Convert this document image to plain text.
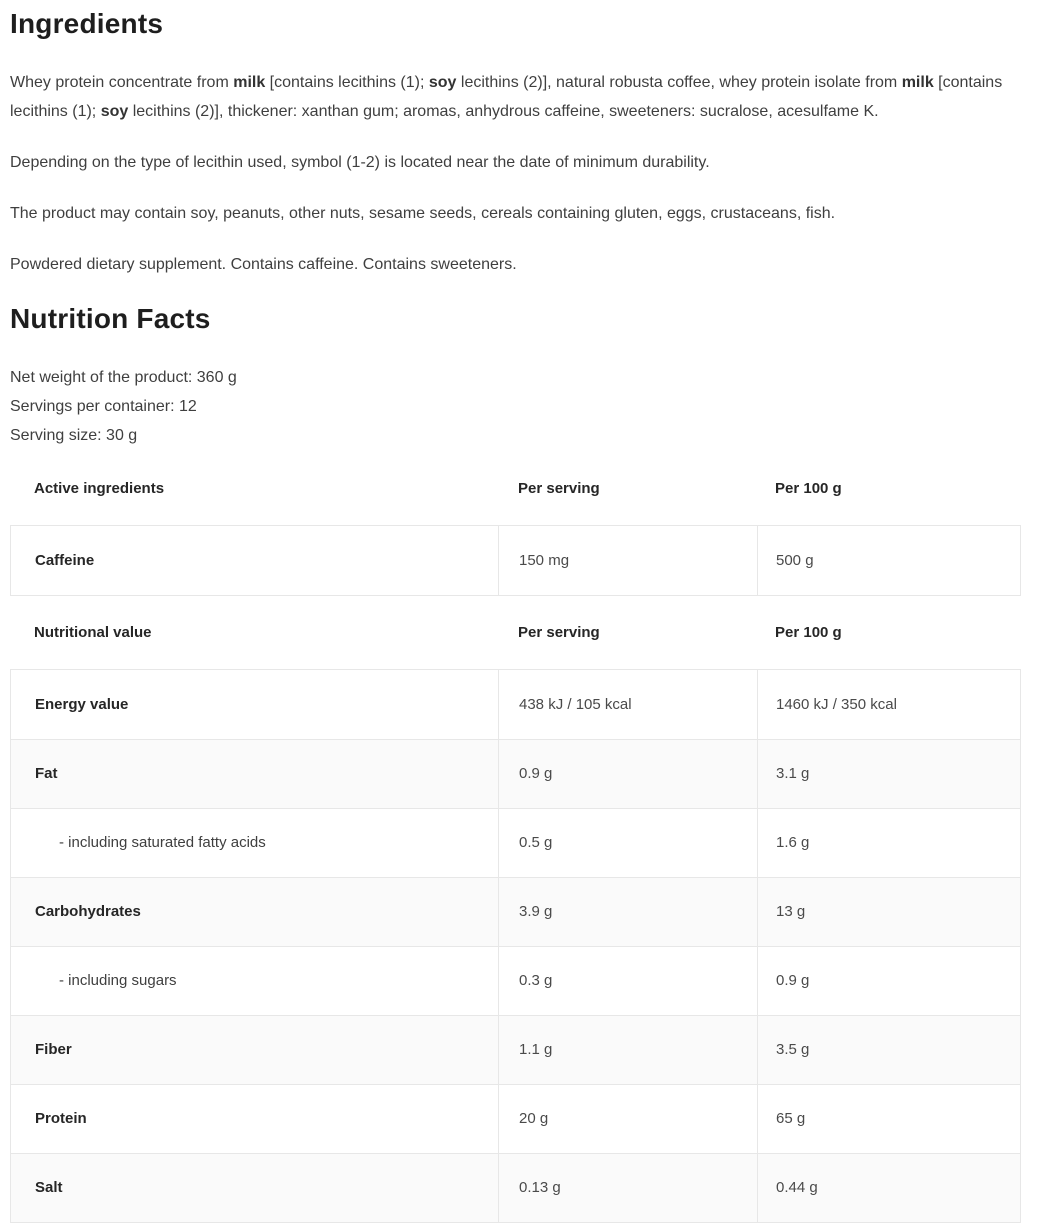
Ingredients

Whey protein concentrate from milk [contains lecithins (1); soy lecithins (2)], natural robusta coffee, whey protein isolate from milk [contains lecithins (1); soy lecithins (2)], thickener: xanthan gum; aromas, anhydrous caffeine, sweeteners: sucralose, acesulfame K.

Depending on the type of lecithin used, symbol (1-2) is located near the date of minimum durability.

The product may contain soy, peanuts, other nuts, sesame seeds, cereals containing gluten, eggs, crustaceans, fish.

Powdered dietary supplement. Contains caffeine. Contains sweeteners.

Nutrition Facts
Net weight of the product: 360 g
Servings per container: 12
Serving size: 30 g
Active ingredients	Per serving	Per 100 g
Caffeine	150 mg	500 g
Nutritional value	Per serving	Per 100 g
Energy value	438 kJ / 105 kcal	1460 kJ / 350 kcal
Fat	0.9 g	3.1 g
- including saturated fatty acids	0.5 g	1.6 g
Carbohydrates	3.9 g	13 g
- including sugars	0.3 g	0.9 g
Fiber	1.1 g	3.5 g
Protein	20 g	65 g
Salt	0.13 g	0.44 g
